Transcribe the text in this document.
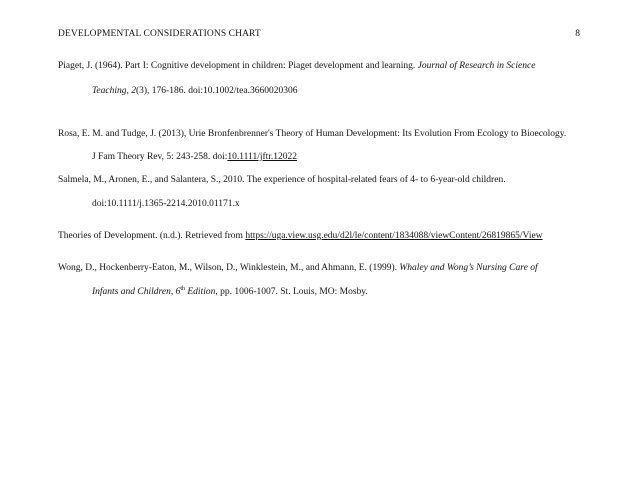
DEVELOPMENTAL CONSIDERATIONS CHART	8

Piaget, J. (1964). Part I: Cognitive development in children: Piaget development and learning. Journal of Research in Science
Teaching, 2(3), 176-186. doi:10.1002/tea.3660020306

Rosa, E. M. and Tudge, J. (2013), Urie Bronfenbrenner's Theory of Human Development: Its Evolution From Ecology to Bioecology.
J Fam Theory Rev, 5: 243-258. doi:10.1111/jftr.12022

Salmela, M., Aronen, E., and Salantera, S., 2010. The experience of hospital-related fears of 4- to 6-year-old children.
doi:10.1111/j.1365-2214.2010.01171.x

Theories of Development. (n.d.). Retrieved from https://uga.view.usg.edu/d2l/le/content/1834088/viewContent/26819865/View

Wong, D., Hockenberry-Eaton, M., Wilson, D., Winklestein, M., and Ahmann, E. (1999). Whaley and Wong’s Nursing Care of
Infants and Children, 6th Edition, pp. 1006-1007. St. Louis, MO: Mosby.
